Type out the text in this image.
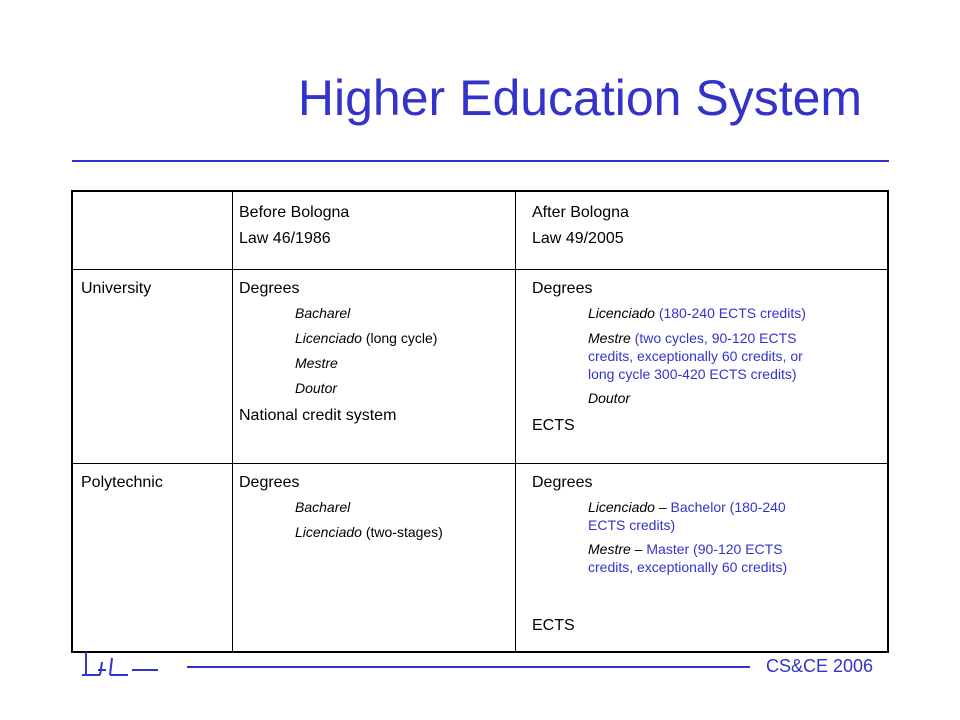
Higher Education System
Before Bologna
Law 46/1986
After Bologna
Law 49/2005
University	Degrees
Bacharel
Licenciado (long cycle)
Mestre
Doutor
National credit system
Degrees
Licenciado (180-240 ECTS credits)
Mestre (two cycles, 90-120 ECTS
credits, exceptionally 60 credits, or
long cycle 300-420 ECTS credits)
Doutor
ECTS
Polytechnic	Degrees
Bacharel
Licenciado (two-stages)
Degrees
Licenciado – Bachelor (180-240
ECTS credits)
Mestre – Master (90-120 ECTS
credits, exceptionally 60 credits)
ECTS
CS&CE 2006
